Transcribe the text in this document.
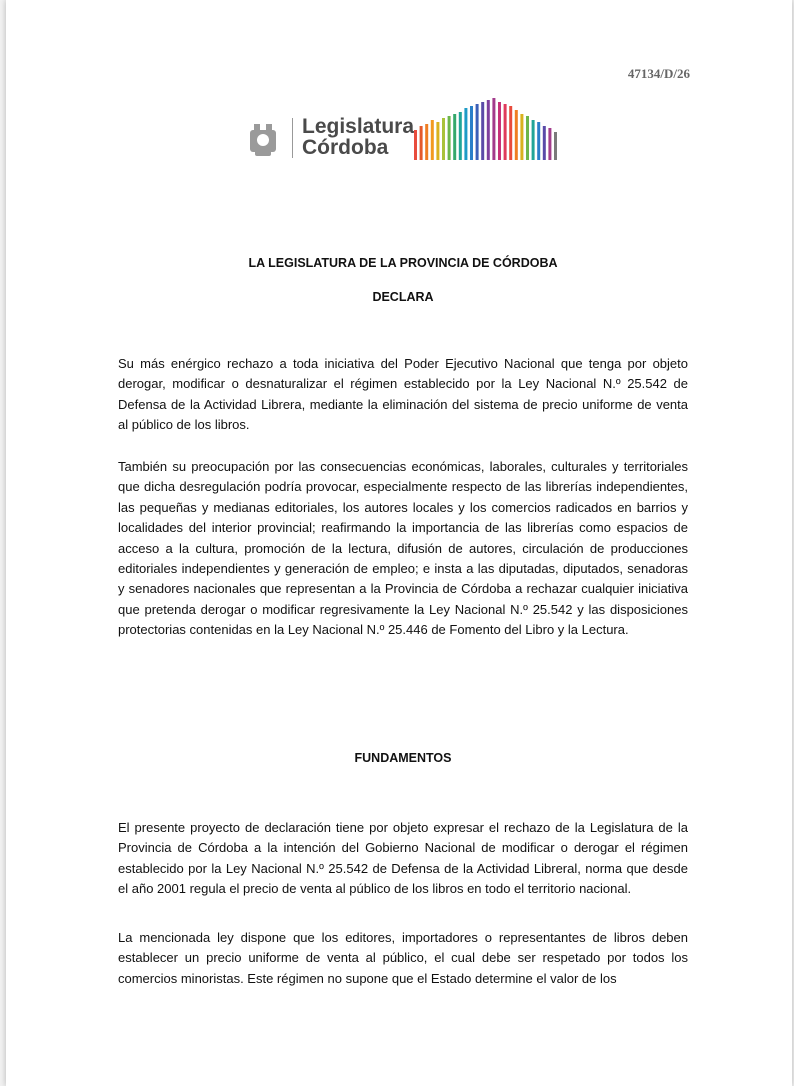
47134/D/26
Legislatura
Córdoba
LA LEGISLATURA DE LA PROVINCIA DE CÓRDOBA
DECLARA

Su más enérgico rechazo a toda iniciativa del Poder Ejecutivo Nacional que tenga por objeto derogar, modificar o desnaturalizar el régimen establecido por la Ley Nacional N.º 25.542 de Defensa de la Actividad Librera, mediante la eliminación del sistema de precio uniforme de venta al público de los libros.

También su preocupación por las consecuencias económicas, laborales, culturales y territoriales que dicha desregulación podría provocar, especialmente respecto de las librerías independientes, las pequeñas y medianas editoriales, los autores locales y los comercios radicados en barrios y localidades del interior provincial; reafirmando la importancia de las librerías como espacios de acceso a la cultura, promoción de la lectura, difusión de autores, circulación de producciones editoriales independientes y generación de empleo; e insta a las diputadas, diputados, senadoras y senadores nacionales que representan a la Provincia de Córdoba a rechazar cualquier iniciativa que pretenda derogar o modificar regresivamente la Ley Nacional N.º 25.542 y las disposiciones protectorias contenidas en la Ley Nacional N.º 25.446 de Fomento del Libro y la Lectura.

FUNDAMENTOS

El presente proyecto de declaración tiene por objeto expresar el rechazo de la Legislatura de la Provincia de Córdoba a la intención del Gobierno Nacional de modificar o derogar el régimen establecido por la Ley Nacional N.º 25.542 de Defensa de la Actividad Libreral, norma que desde el año 2001 regula el precio de venta al público de los libros en todo el territorio nacional.

La mencionada ley dispone que los editores, importadores o representantes de libros deben establecer un precio uniforme de venta al público, el cual debe ser respetado por todos los comercios minoristas. Este régimen no supone que el Estado determine el valor de los
